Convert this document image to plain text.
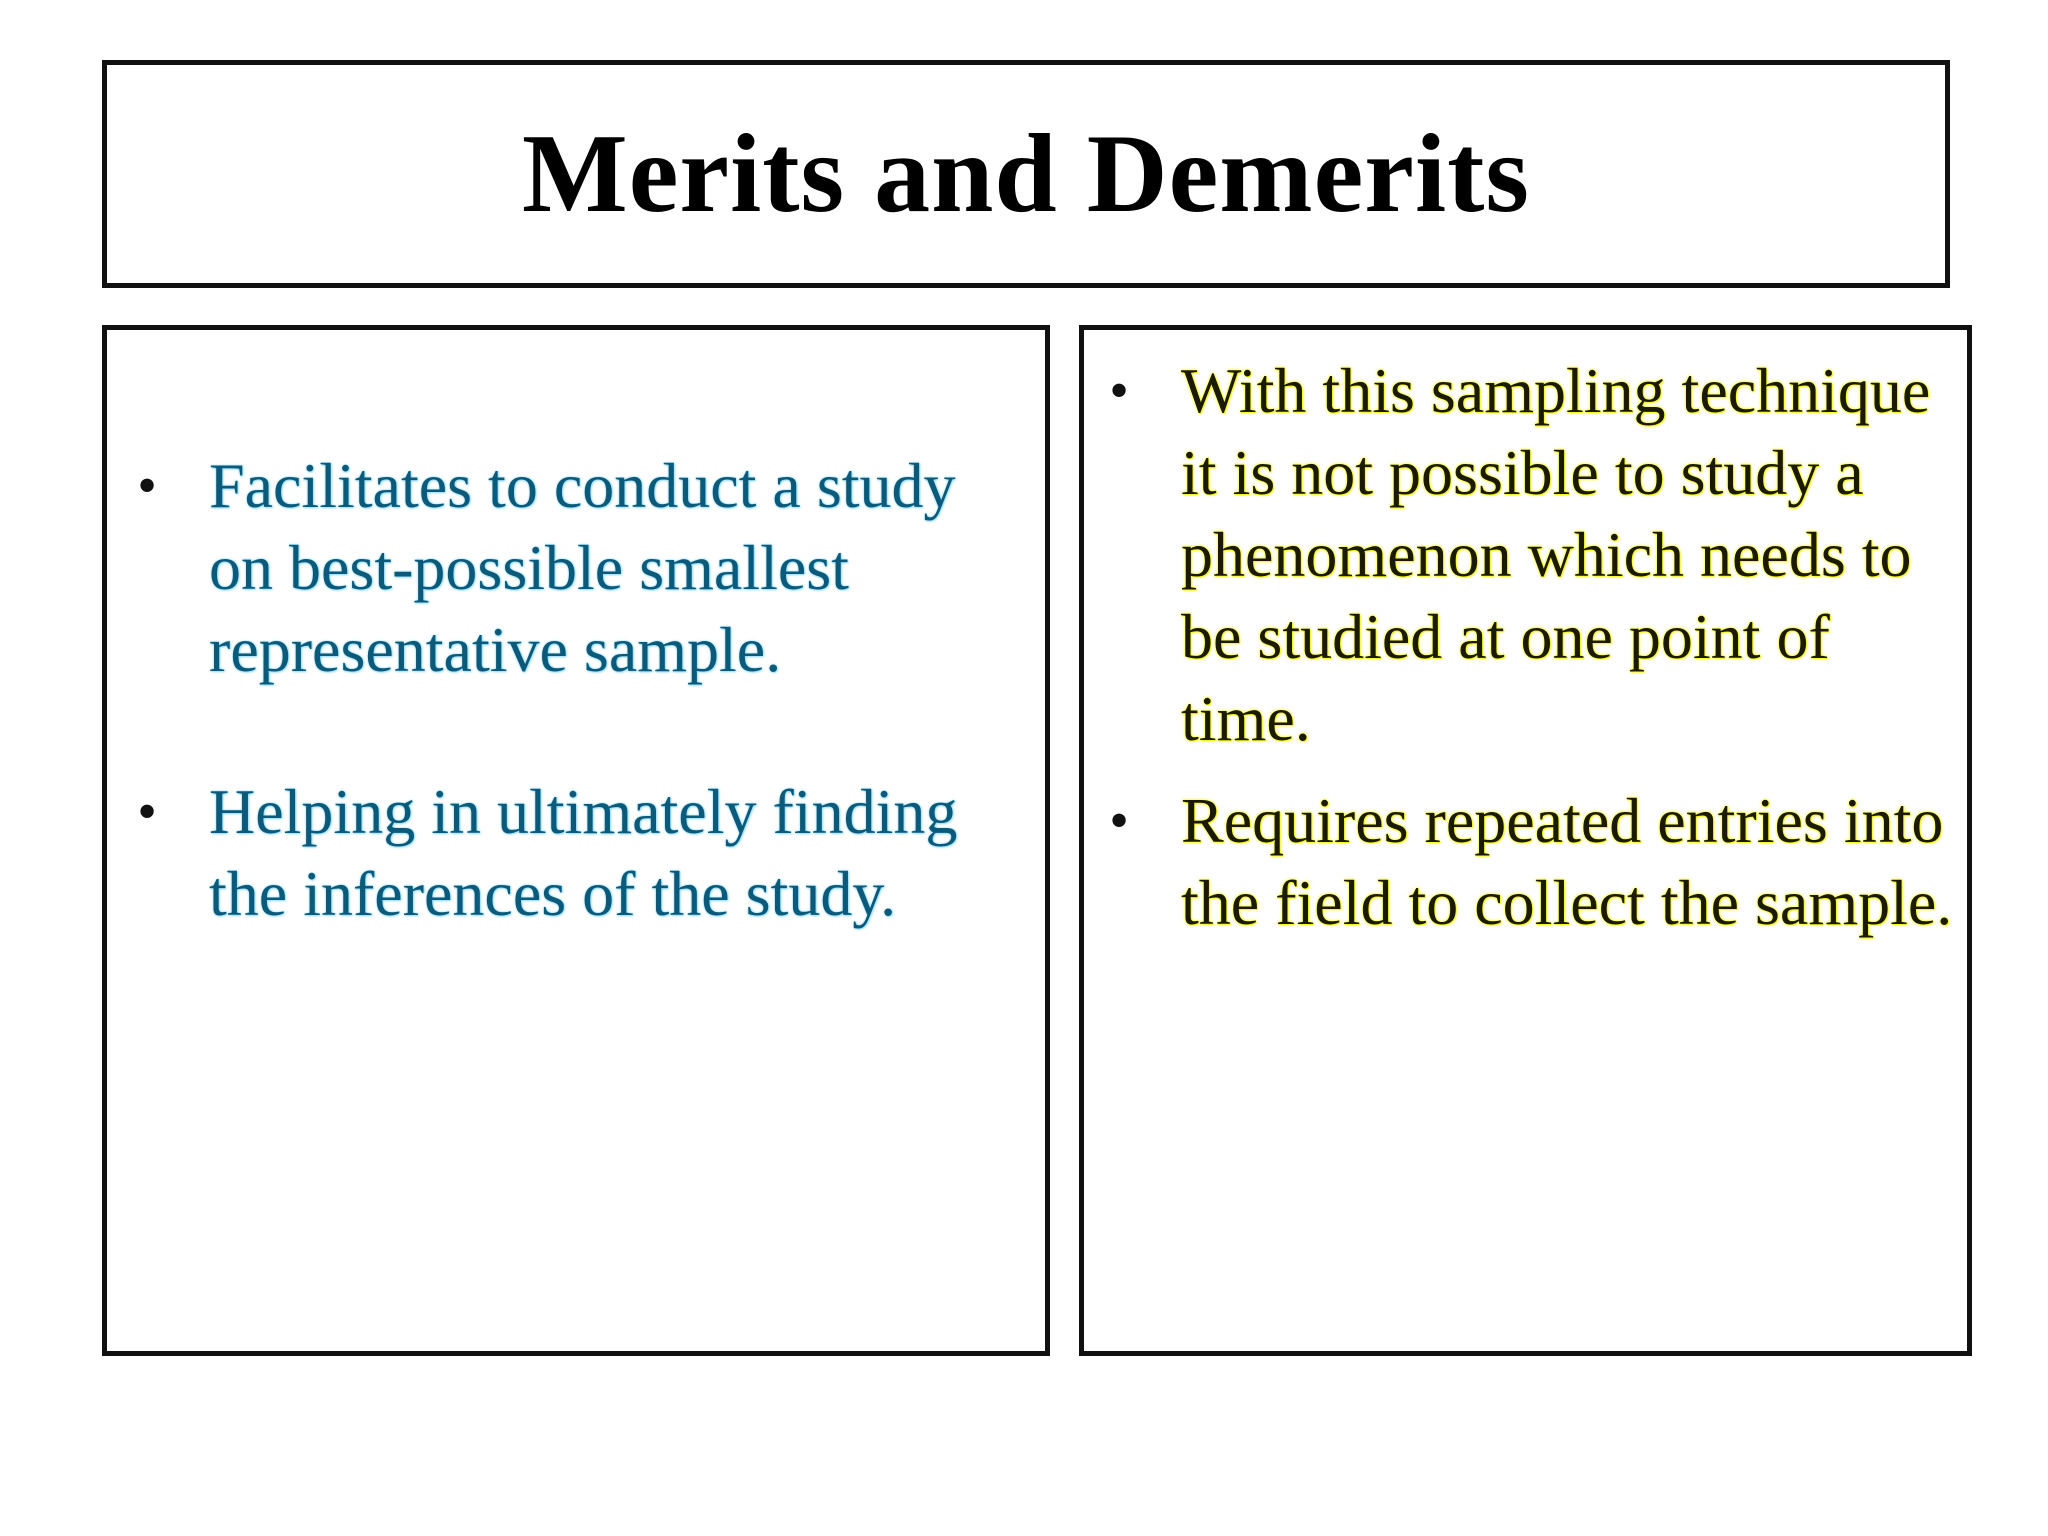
Merits and Demerits
• Facilitates to conduct a study on best-possible smallest representative sample.
• Helping in ultimately finding the inferences of the study.
• With this sampling technique it is not possible to study a phenomenon which needs to be studied at one point of time.
• Requires repeated entries into the field to collect the sample.
